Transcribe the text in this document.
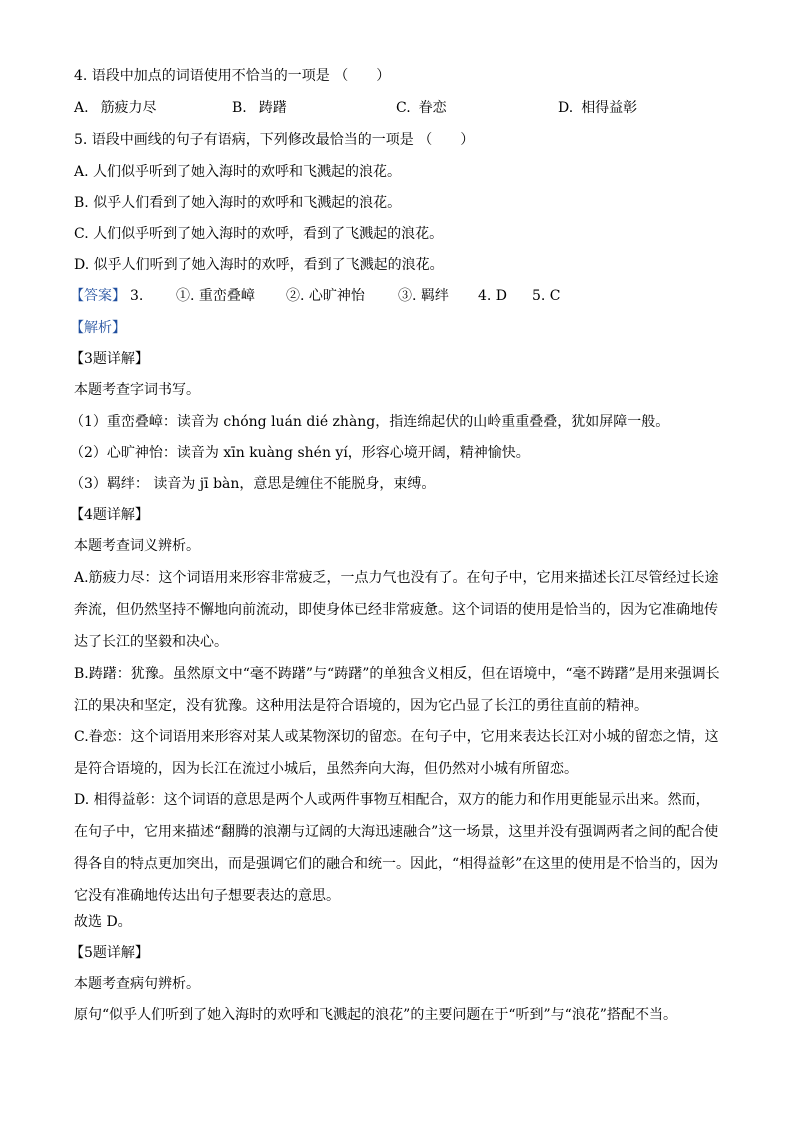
4. 语段中加点的词语使用不恰当的一项是 （　　）
A. 筋疲力尽	B. 踌躇	C. 眷恋	D. 相得益彰
5. 语段中画线的句子有语病，下列修改最恰当的一项是 （　　）
A. 人们似乎听到了她入海时的欢呼和飞溅起的浪花。
B. 似乎人们看到了她入海时的欢呼和飞溅起的浪花。
C. 人们似乎听到了她入海时的欢呼，看到了飞溅起的浪花。
D. 似乎人们听到了她入海时的欢呼，看到了飞溅起的浪花。
【答案】 3. ①. 重峦叠嶂 ②. 心旷神怡 ③. 羁绊 4. D 5. C
【解析】
【3题详解】
本题考查字词书写。
（1）重峦叠嶂：读音为 chóng luán dié zhàng，指连绵起伏的山岭重重叠叠，犹如屏障一般。
（2）心旷神怡：读音为 xīn kuàng shén yí，形容心境开阔，精神愉快。
（3）羁绊： 读音为 jī bàn，意思是缠住不能脱身，束缚。
【4题详解】
本题考查词义辨析。
A.筋疲力尽：这个词语用来形容非常疲乏，一点力气也没有了。在句子中，它用来描述长江尽管经过长途奔流，但仍然坚持不懈地向前流动，即使身体已经非常疲惫。这个词语的使用是恰当的，因为它准确地传达了长江的坚毅和决心。
B.踌躇：犹豫。虽然原文中“毫不踌躇”与“踌躇”的单独含义相反，但在语境中，“毫不踌躇”是用来强调长江的果决和坚定，没有犹豫。这种用法是符合语境的，因为它凸显了长江的勇往直前的精神。
C.眷恋：这个词语用来形容对某人或某物深切的留恋。在句子中，它用来表达长江对小城的留恋之情，这是符合语境的，因为长江在流过小城后，虽然奔向大海，但仍然对小城有所留恋。
D. 相得益彰：这个词语的意思是两个人或两件事物互相配合，双方的能力和作用更能显示出来。然而，在句子中，它用来描述“翻腾的浪潮与辽阔的大海迅速融合”这一场景，这里并没有强调两者之间的配合使得各自的特点更加突出，而是强调它们的融合和统一。因此，“相得益彰”在这里的使用是不恰当的，因为它没有准确地传达出句子想要表达的意思。
故选 D。
【5题详解】
本题考查病句辨析。
原句“似乎人们听到了她入海时的欢呼和飞溅起的浪花”的主要问题在于“听到”与“浪花”搭配不当。
